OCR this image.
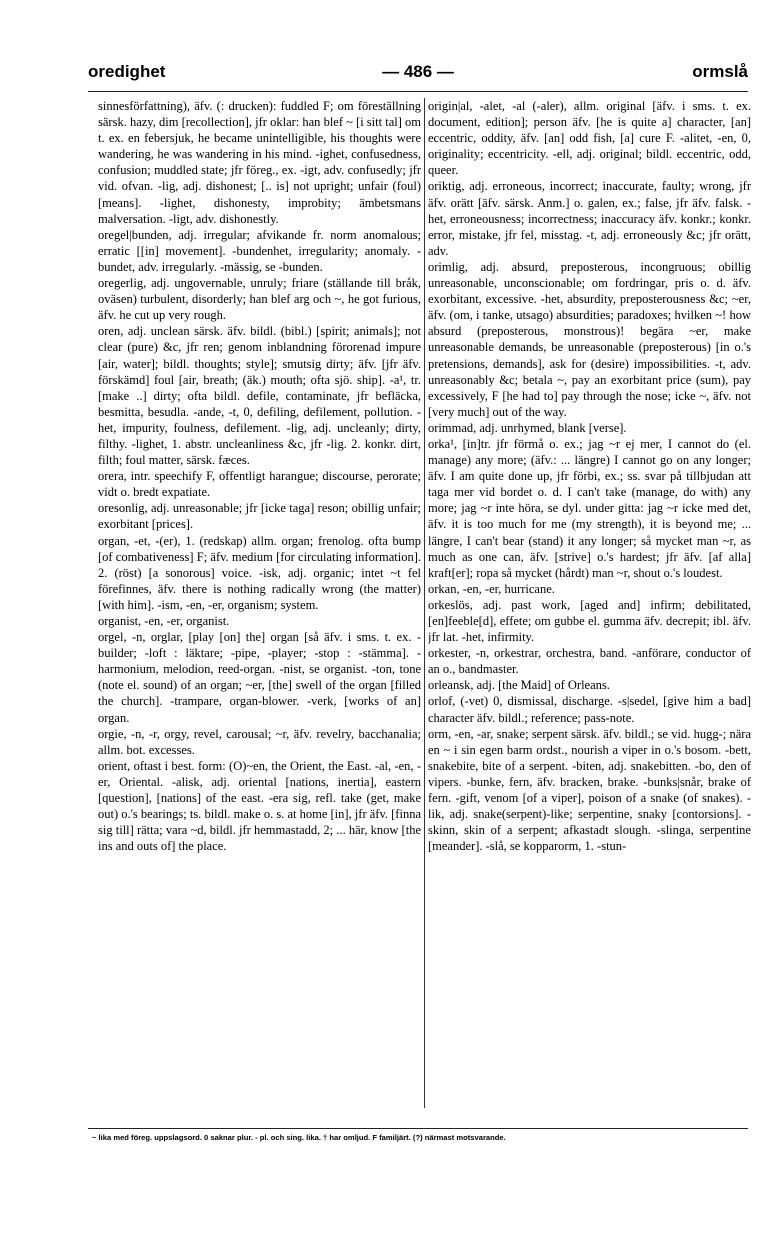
oredighet	— 486 —	ormslå

sinnesförfattning), äfv. (: drucken): fuddled F; om föreställning särsk. hazy, dim [recollection], jfr oklar: han blef ~ [i sitt tal] om t. ex. en febersjuk, he became unintelligible, his thoughts were wandering, he was wandering in his mind. -ighet, confusedness, confusion; muddled state; jfr föreg., ex. -igt, adv. confusedly; jfr vid. ofvan. -lig, adj. dishonest; [.. is] not upright; unfair (foul) [means]. -lighet, dishonesty, improbity; ämbetsmans malversation. -ligt, adv. dishonestly.

oregel|bunden, adj. irregular; afvikande fr. norm anomalous; erratic [[in] movement]. -bundenhet, irregularity; anomaly. -bundet, adv. irregularly. -mässig, se -bunden.

oregerlig, adj. ungovernable, unruly; friare (ställande till bråk, oväsen) turbulent, disorderly; han blef arg och ~, he got furious, äfv. he cut up very rough.

oren, adj. unclean särsk. äfv. bildl. (bibl.) [spirit; animals]; not clear (pure) &c, jfr ren; genom inblandning förorenad impure [air, water]; bildl. thoughts; style]; smutsig dirty; äfv. [jfr äfv. förskämd] foul [air, breath; (äk.) mouth; ofta sjö. ship]. -a¹, tr. [make ..] dirty; ofta bildl. defile, contaminate, jfr befläcka, besmitta, besudla. -ande, -t, 0, defiling, defilement, pollution. -het, impurity, foulness, defilement. -lig, adj. uncleanly; dirty, filthy. -lighet, 1. abstr. uncleanliness &c, jfr -lig. 2. konkr. dirt, filth; foul matter, särsk. fæces.

orera, intr. speechify F, offentligt harangue; discourse, perorate; vidt o. bredt expatiate.

oresonlig, adj. unreasonable; jfr [icke taga] reson; obillig unfair; exorbitant [prices].

organ, -et, -(er), 1. (redskap) allm. organ; frenolog. ofta bump [of combativeness] F; äfv. medium [for circulating information]. 2. (röst) [a sonorous] voice. -isk, adj. organic; intet ~t fel förefinnes, äfv. there is nothing radically wrong (the matter) [with him]. -ism, -en, -er, organism; system.

organist, -en, -er, organist.

orgel, -n, orglar, [play [on] the] organ [så äfv. i sms. t. ex. -builder; -loft : läktare; -pipe, -player; -stop : -stämma]. -harmonium, melodion, reed-organ. -nist, se organist. -ton, tone (note el. sound) of an organ; ~er, [the] swell of the organ [filled the church]. -trampare, organ-blower. -verk, [works of an] organ.

orgie, -n, -r, orgy, revel, carousal; ~r, äfv. revelry, bacchanalia; allm. bot. excesses.

orient, oftast i best. form: (O)~en, the Orient, the East. -al, -en, -er, Oriental. -alisk, adj. oriental [nations, inertia], eastern [question], [nations] of the east. -era sig, refl. take (get, make out) o.'s bearings; ts. bildl. make o. s. at home [in], jfr äfv. [finna sig till] rätta; vara ~d, bildl. jfr hemmastadd, 2; ... här, know [the ins and outs of] the place.

origin|al, -alet, -al (-aler), allm. original [äfv. i sms. t. ex. document, edition]; person äfv. [he is quite a] character, [an] eccentric, oddity, äfv. [an] odd fish, [a] cure F. -alitet, -en, 0, originality; eccentricity. -ell, adj. original; bildl. eccentric, odd, queer.

oriktig, adj. erroneous, incorrect; inaccurate, faulty; wrong, jfr äfv. orätt [äfv. särsk. Anm.] o. galen, ex.; false, jfr äfv. falsk. -het, erroneousness; incorrectness; inaccuracy äfv. konkr.; konkr. error, mistake, jfr fel, misstag. -t, adj. erroneously &c; jfr orätt, adv.

orimlig, adj. absurd, preposterous, incongruous; obillig unreasonable, unconscionable; om fordringar, pris o. d. äfv. exorbitant, excessive. -het, absurdity, preposterousness &c; ~er, äfv. (om, i tanke, utsago) absurdities; paradoxes; hvilken ~! how absurd (preposterous, monstrous)! begära ~er, make unreasonable demands, be unreasonable (preposterous) [in o.'s pretensions, demands], ask for (desire) impossibilities. -t, adv. unreasonably &c; betala ~, pay an exorbitant price (sum), pay excessively, F [he had to] pay through the nose; icke ~, äfv. not [very much] out of the way.

orimmad, adj. unrhymed, blank [verse].

orka¹, [in]tr. jfr förmå o. ex.; jag ~r ej mer, I cannot do (el. manage) any more; (äfv.: ... längre) I cannot go on any longer; äfv. I am quite done up, jfr förbi, ex.; ss. svar på tillbjudan att taga mer vid bordet o. d. I can't take (manage, do with) any more; jag ~r inte höra, se dyl. under gitta: jag ~r icke med det, äfv. it is too much for me (my strength), it is beyond me; ... längre, I can't bear (stand) it any longer; så mycket man ~r, as much as one can, äfv. [strive] o.'s hardest; jfr äfv. [af alla] kraft[er]; ropa så mycket (hårdt) man ~r, shout o.'s loudest.

orkan, -en, -er, hurricane.

orkeslös, adj. past work, [aged and] infirm; debilitated, [en]feeble[d], effete; om gubbe el. gumma äfv. decrepit; ibl. äfv. jfr lat. -het, infirmity.

orkester, -n, orkestrar, orchestra, band. -anförare, conductor of an o., bandmaster.

orleansk, adj. [the Maid] of Orleans.

orlof, (-vet) 0, dismissal, discharge. -s|sedel, [give him a bad] character äfv. bildl.; reference; pass-note.

orm, -en, -ar, snake; serpent särsk. äfv. bildl.; se vid. hugg-; nära en ~ i sin egen barm ordst., nourish a viper in o.'s bosom. -bett, snakebite, bite of a serpent. -biten, adj. snakebitten. -bo, den of vipers. -bunke, fern, äfv. bracken, brake. -bunks|snår, brake of fern. -gift, venom [of a viper], poison of a snake (of snakes). -lik, adj. snake(serpent)-like; serpentine, snaky [contorsions]. -skinn, skin of a serpent; afkastadt slough. -slinga, serpentine [meander]. -slå, se kopparorm, 1. -stun-

~ lika med föreg. uppslagsord. 0 saknar plur. - pl. och sing. lika. † har omljud. F familjärt. (?) närmast motsvarande.
